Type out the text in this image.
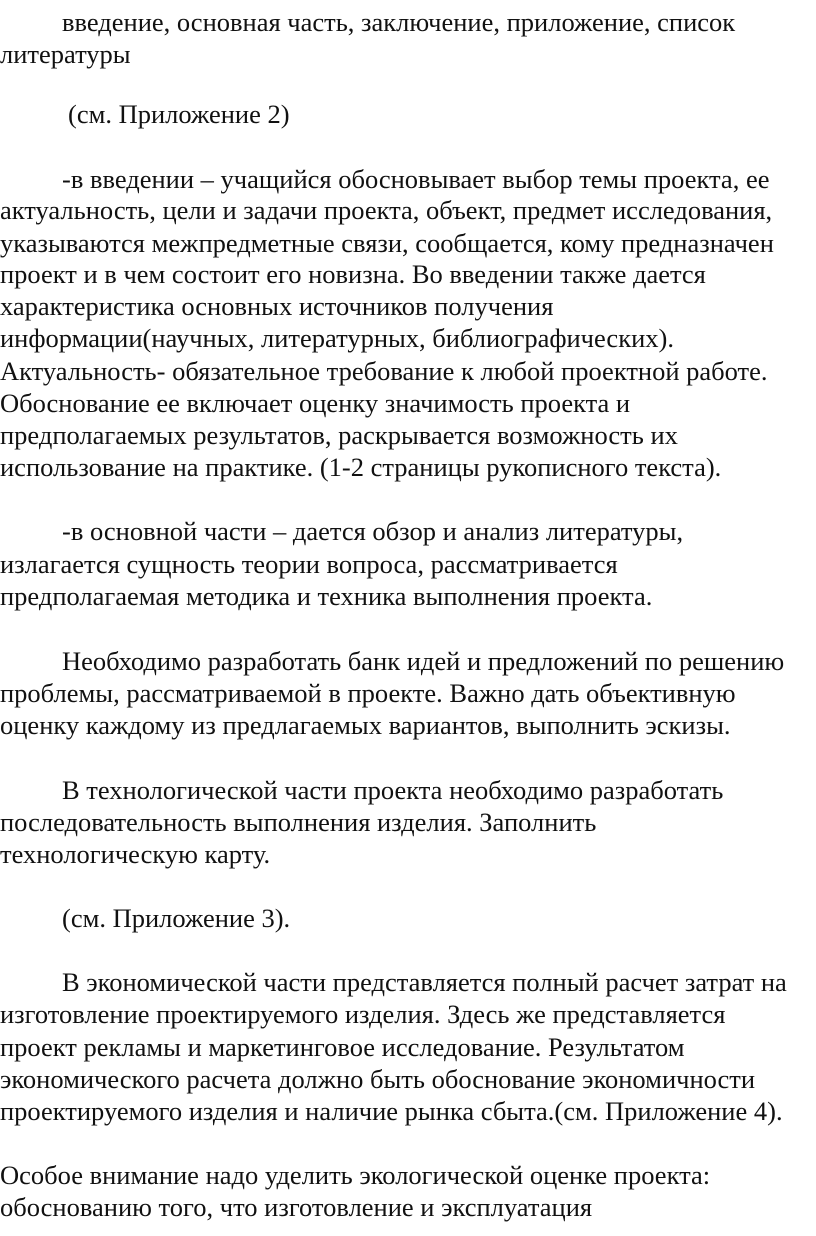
введение, основная часть, заключение, приложение, список
литературы
(см. Приложение 2)
-в введении – учащийся обосновывает выбор темы проекта, ее
актуальность, цели и задачи проекта, объект, предмет исследования,
указываются межпредметные связи, сообщается, кому предназначен
проект и в чем состоит его новизна. Во введении также дается
характеристика основных источников получения
информации(научных, литературных, библиографических).
Актуальность- обязательное требование к любой проектной работе.
Обоснование ее включает оценку значимость проекта и
предполагаемых результатов, раскрывается возможность их
использование на практике. (1-2 страницы рукописного текста).
-в основной части – дается обзор и анализ литературы,
излагается сущность теории вопроса, рассматривается
предполагаемая методика и техника выполнения проекта.
Необходимо разработать банк идей и предложений по решению
проблемы, рассматриваемой в проекте. Важно дать объективную
оценку каждому из предлагаемых вариантов, выполнить эскизы.
В технологической части проекта необходимо разработать
последовательность выполнения изделия. Заполнить
технологическую карту.
(см. Приложение 3).
В экономической части представляется полный расчет затрат на
изготовление проектируемого изделия. Здесь же представляется
проект рекламы и маркетинговое исследование. Результатом
экономического расчета должно быть обоснование экономичности
проектируемого изделия и наличие рынка сбыта.(см. Приложение 4).
Особое внимание надо уделить экологической оценке проекта:
обоснованию того, что изготовление и эксплуатация
